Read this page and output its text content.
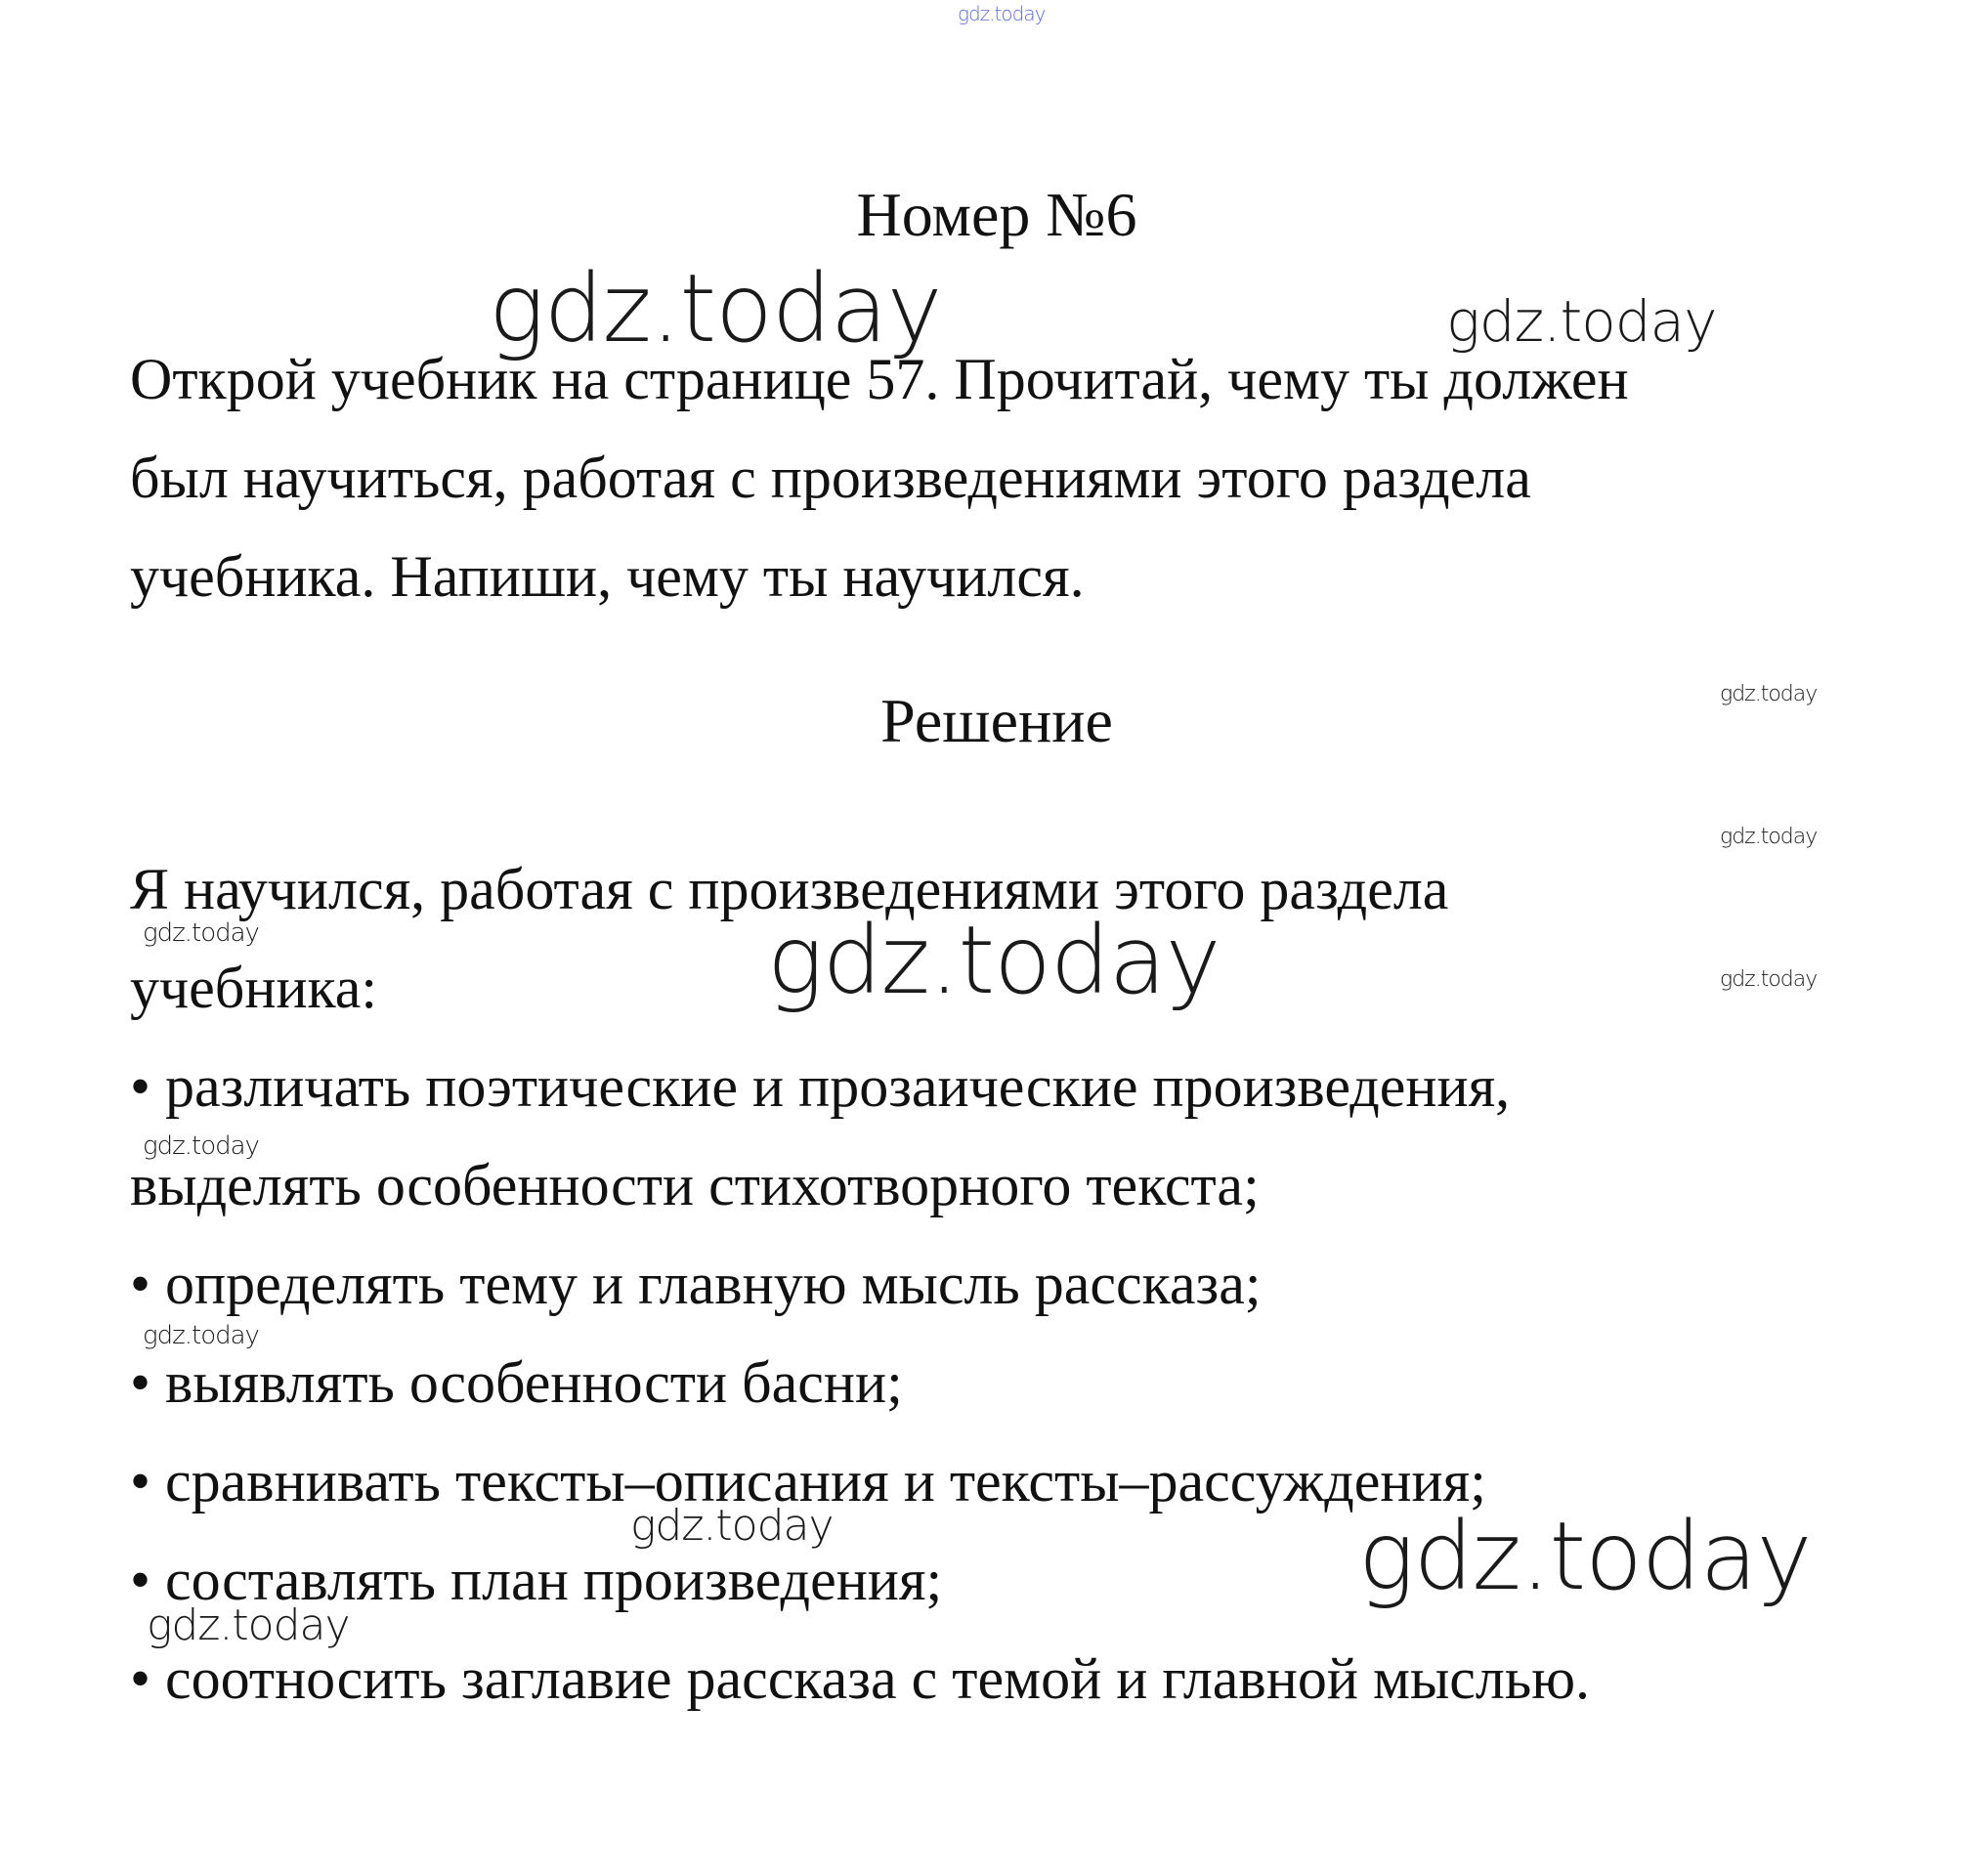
Номер №6
Открой учебник на странице 57. Прочитай, чему ты должен
был научиться, работая с произведениями этого раздела
учебника. Напиши, чему ты научился.
Решение
Я научился, работая с произведениями этого раздела
учебника:
• различать поэтические и прозаические произведения,
выделять особенности стихотворного текста;
• определять тему и главную мысль рассказа;
• выявлять особенности басни;
• сравнивать тексты–описания и тексты–рассуждения;
• составлять план произведения;
• соотносить заглавие рассказа с темой и главной мыслью.
gdz.today
gdz.today	gdz.today
gdz.today
gdz.today
gdz.today	gdz.today	gdz.today
gdz.today
gdz.today
gdz.today	gdz.today
gdz.today
